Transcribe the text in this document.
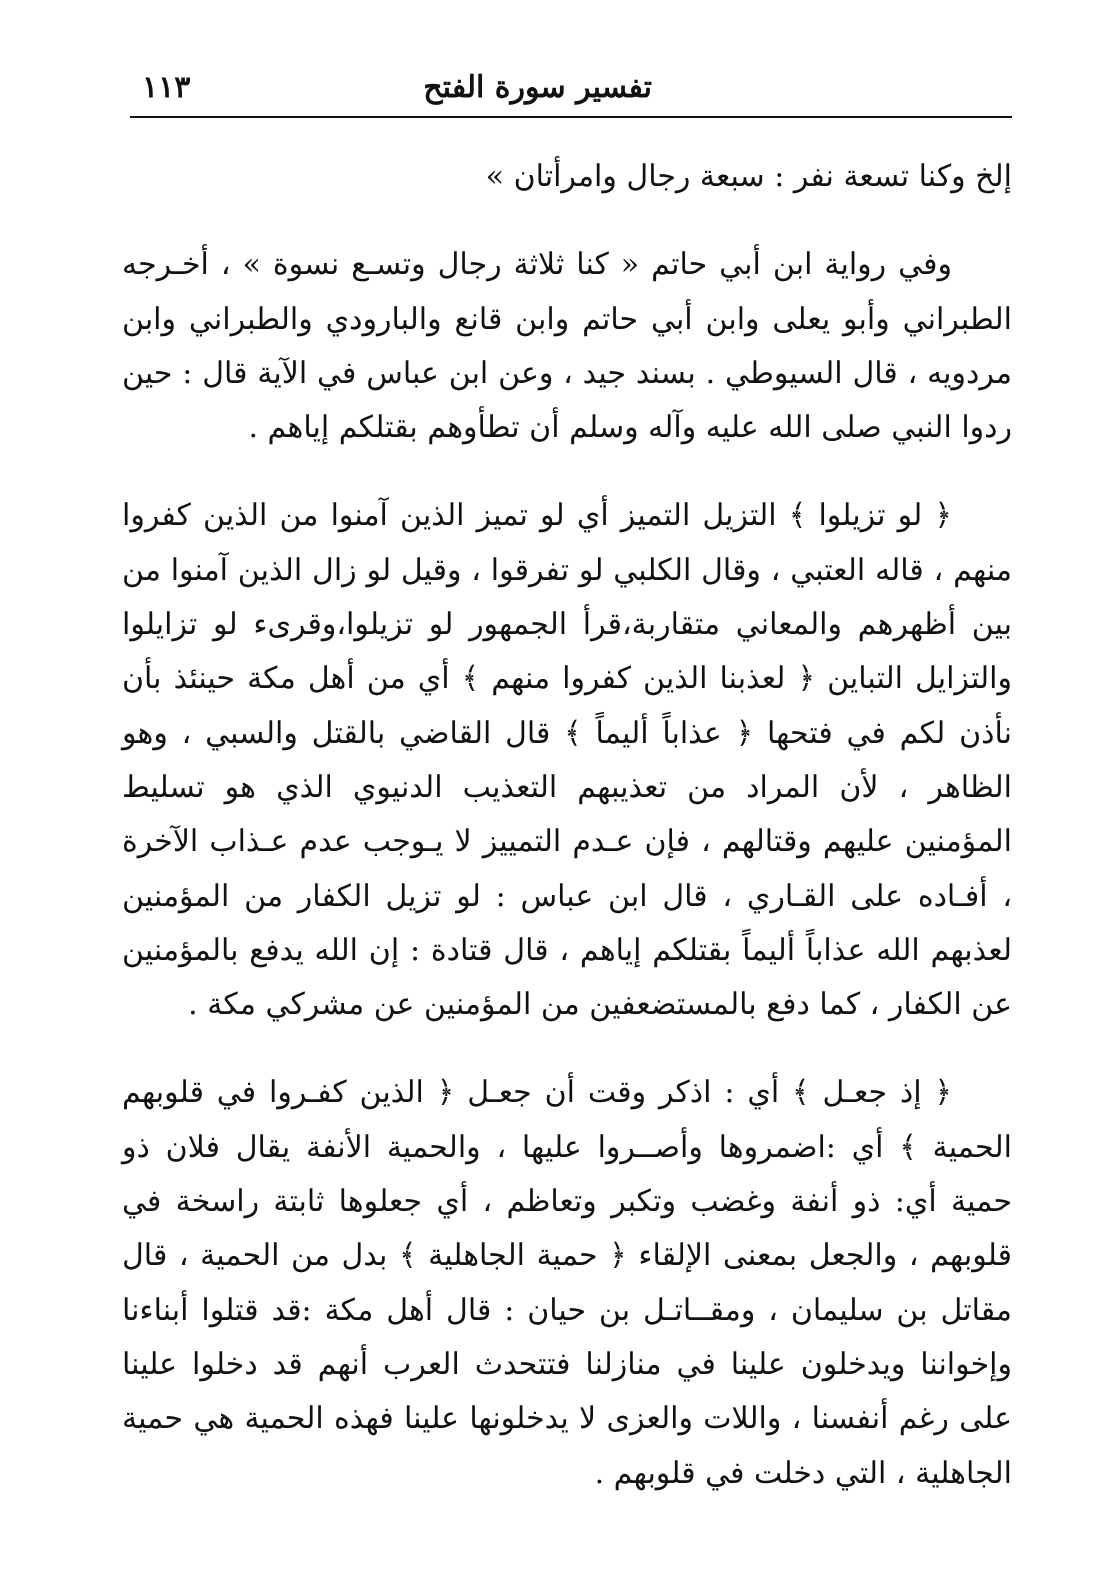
١١٣	تفسير سورة الفتح

إلخ وكنا تسعة نفر : سبعة رجال وامرأتان »

وفي رواية ابن أبي حاتم « كنا ثلاثة رجال وتسـع نسوة » ، أخـرجه الطبراني وأبو يعلى وابن أبي حاتم وابن قانع والبارودي والطبراني وابن مردويه ، قال السيوطي . بسند جيد ، وعن ابن عباس في الآية قال : حين ردوا النبي صلى الله عليه وآله وسلم أن تطأوهم بقتلكم إياهم .

﴿ لو تزيلوا ﴾ التزيل التميز أي لو تميز الذين آمنوا من الذين كفروا منهم ، قاله العتبي ، وقال الكلبي لو تفرقوا ، وقيل لو زال الذين آمنوا من بين أظهرهم والمعاني متقاربة،قرأ الجمهور لو تزيلوا،وقرىء لو تزايلوا والتزايل التباين ﴿ لعذبنا الذين كفروا منهم ﴾ أي من أهل مكة حينئذ بأن نأذن لكم في فتحها ﴿ عذاباً أليماً ﴾ قال القاضي بالقتل والسبي ، وهو الظاهر ، لأن المراد من تعذيبهم التعذيب الدنيوي الذي هو تسليط المؤمنين عليهم وقتالهم ، فإن عـدم التمييز لا يـوجب عدم عـذاب الآخرة ، أفـاده على القـاري ، قال ابن عباس : لو تزيل الكفار من المؤمنين لعذبهم الله عذاباً أليماً بقتلكم إياهم ، قال قتادة : إن الله يدفع بالمؤمنين عن الكفار ، كما دفع بالمستضعفين من المؤمنين عن مشركي مكة .

﴿ إذ جعـل ﴾ أي : اذكر وقت أن جعـل ﴿ الذين كفـروا في قلوبهم الحمية ﴾ أي :اضمروها وأصــروا عليها ، والحمية الأنفة يقال فلان ذو حمية أي: ذو أنفة وغضب وتكبر وتعاظم ، أي جعلوها ثابتة راسخة في قلوبهم ، والجعل بمعنى الإلقاء ﴿ حمية الجاهلية ﴾ بدل من الحمية ، قال مقاتل بن سليمان ، ومقــاتـل بن حيان : قال أهل مكة :قد قتلوا أبناءنا وإخواننا ويدخلون علينا في منازلنا فتتحدث العرب أنهم قد دخلوا علينا على رغم أنفسنا ، واللات والعزى لا يدخلونها علينا فهذه الحمية هي حمية الجاهلية ، التي دخلت في قلوبهم .
